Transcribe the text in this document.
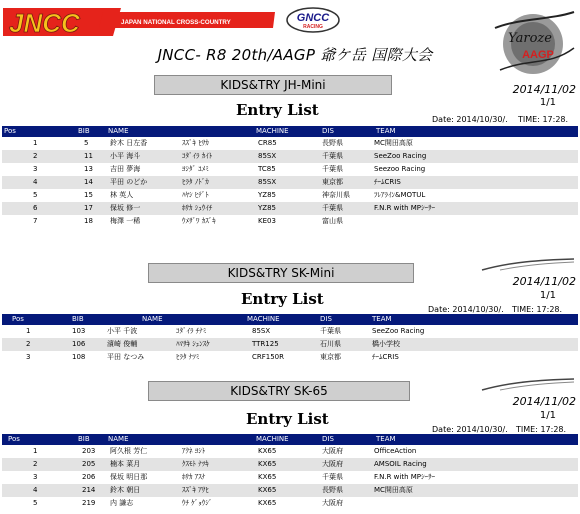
JNCC	JAPAN NATIONAL CROSS-COUNTRY	GNCC
RACING
Yaroze
AAGP
JNCC- R8 20th/AAGP 爺ケ岳 国際大会
KIDS&TRY JH-Mini
Entry List
2014/11/02
1/1
Date: 2014/10/30/. TIME: 17:28.
Pos	BIB	NAME	MACHINE	DIS	TEAM
1	5	鈴木 日左香	ｽｽﾞｷ ﾋｻｶ	CR85	長野県	MC開田高原
2	11 小平 海斗	ｺﾀﾞｲﾗ ｶｲﾄ	85SX	千葉県	SeeZoo Racing
3	13 吉田 夢海	ﾖｼﾀﾞ ﾕﾒﾐ	TC85	千葉県	Seezoo Racing
4	14 平田 のどか	ﾋﾗﾀ ﾉﾄﾞｶ	85SX	東京都	ﾁｰﾑCRIS
5	15 林 英人	ﾊﾔｼ ﾋﾃﾞﾄ	YZ85	神奈川県	ﾌﾚｱﾗｲﾝ&MOTUL
6	17 保坂 修一	ﾎｻｶ ｼｭｳｲﾁ	YZ85	千葉県	F.N.R with MPｼｰｻｰ
7	18 梅澤 一稀	ｳﾒｻﾞﾜ ｶｽﾞｷ	KE03	富山県
KIDS&TRY SK-Mini
Entry List
2014/11/02
1/1
Date: 2014/10/30/. TIME: 17:28.
Pos	BIB	NAME	MACHINE	DIS	TEAM
1	103	小平 千波	ｺﾀﾞｲﾗ ﾁﾅﾐ	85SX	千葉県	SeeZoo Racing
2	106	濱崎 俊輔	ﾊﾏｻｷ ｼｭﾝｽｹ	TTR125	石川県	橋小学校
3	108	平田 なつみ	ﾋﾗﾀ ﾅﾂﾐ	CRF150R	東京都	ﾁｰﾑCRIS
KIDS&TRY SK-65
Entry List
2014/11/02
1/1
Date: 2014/10/30/. TIME: 17:28.
Pos	BIB	NAME	MACHINE	DIS	TEAM
1	203 阿久根 芳仁	ｱｸﾈ ﾖｼﾄ	KX65	大阪府	OfficeAction
2	205 楠本 菜月	ｸｽﾓﾄ ﾅﾂｷ	KX65	大阪府	AMSOIL Racing
3	206 保坂 明日那	ﾎｻｶ ｱｽﾅ	KX65	千葉県	F.N.R with MPｼｰｻｰ
4	214 鈴木 朝日	ｽｽﾞｷ ｱｻﾋ	KX65	長野県	MC開田高原
5	219 内 謙志	ｳﾁ ｹﾞｮｳｼﾞ	KX65	大阪府
